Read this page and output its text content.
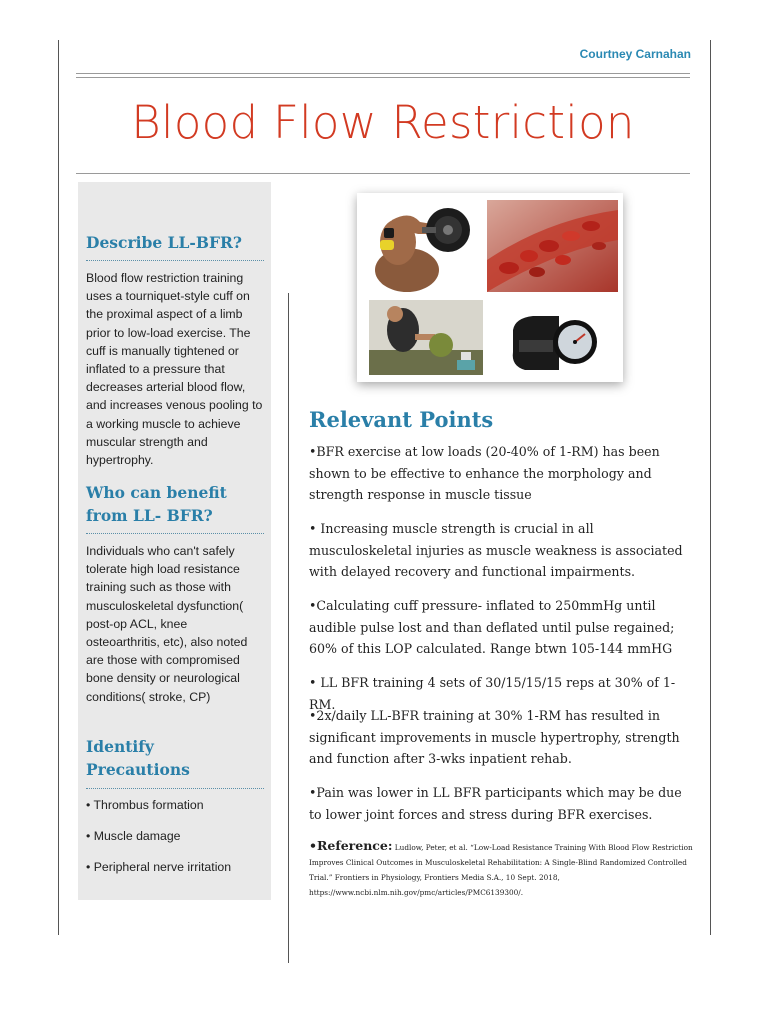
Courtney Carnahan
Blood Flow Restriction
Describe LL-BFR?
Blood flow restriction training uses a tourniquet-style cuff on the proximal aspect of a limb prior to low-load exercise. The cuff is manually tightened or inflated to a pressure that decreases arterial blood flow, and increases venous pooling to a working muscle to achieve muscular strength and hypertrophy.
Who can benefit from LL- BFR?
Individuals who can't safely tolerate high load resistance training such as those with musculoskeletal dysfunction( post-op ACL, knee osteoarthritis, etc), also noted are those with compromised bone density or neurological conditions( stroke, CP)
Identify Precautions
• Thrombus formation
• Muscle damage
• Peripheral nerve irritation
Relevant Points
•BFR exercise at low loads (20-40% of 1-RM) has been shown to be effective to enhance the morphology and strength response in muscle tissue
• Increasing muscle strength is crucial in all musculoskeletal injuries as muscle weakness is associated with delayed recovery and functional impairments.
•Calculating cuff pressure- inflated to 250mmHg until audible pulse lost and than deflated until pulse regained; 60% of this LOP calculated. Range btwn 105-144 mmHG
• LL BFR training 4 sets of 30/15/15/15 reps at 30% of 1-RM.
•2x/daily LL-BFR training at 30% 1-RM has resulted in significant improvements in muscle hypertrophy, strength and function after 3-wks inpatient rehab.
•Pain was lower in LL BFR participants which may be due to lower joint forces and stress during BFR exercises.
•Reference: Ludlow, Peter, et al. “Low-Load Resistance Training With Blood Flow Restriction Improves Clinical Outcomes in Musculoskeletal Rehabilitation: A Single-Blind Randomized Controlled Trial.” Frontiers in Physiology, Frontiers Media S.A., 10 Sept. 2018, https://www.ncbi.nlm.nih.gov/pmc/articles/PMC6139300/.
